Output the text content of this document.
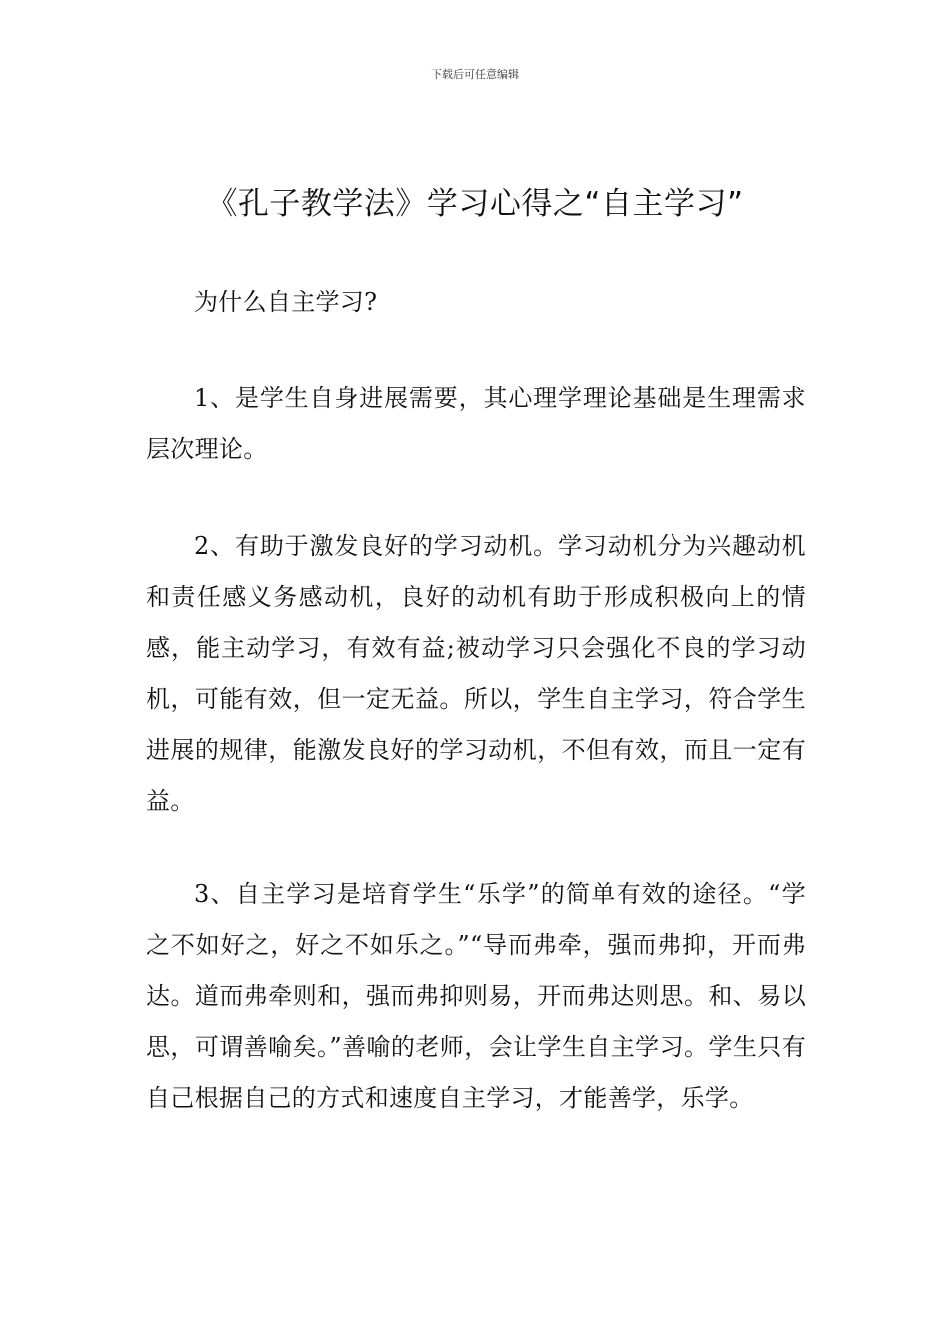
下载后可任意编辑
《孔子教学法》学习心得之“自主学习”

为什么自主学习?

1、是学生自身进展需要，其心理学理论基础是生理需求层次理论。

2、有助于激发良好的学习动机。学习动机分为兴趣动机和责任感义务感动机，良好的动机有助于形成积极向上的情感，能主动学习，有效有益;被动学习只会强化不良的学习动机，可能有效，但一定无益。所以，学生自主学习，符合学生进展的规律，能激发良好的学习动机，不但有效，而且一定有益。

3、自主学习是培育学生“乐学”的简单有效的途径。“学之不如好之，好之不如乐之。”“导而弗牵，强而弗抑，开而弗达。道而弗牵则和，强而弗抑则易，开而弗达则思。和、易以思，可谓善喻矣。”善喻的老师，会让学生自主学习。学生只有自己根据自己的方式和速度自主学习，才能善学，乐学。
